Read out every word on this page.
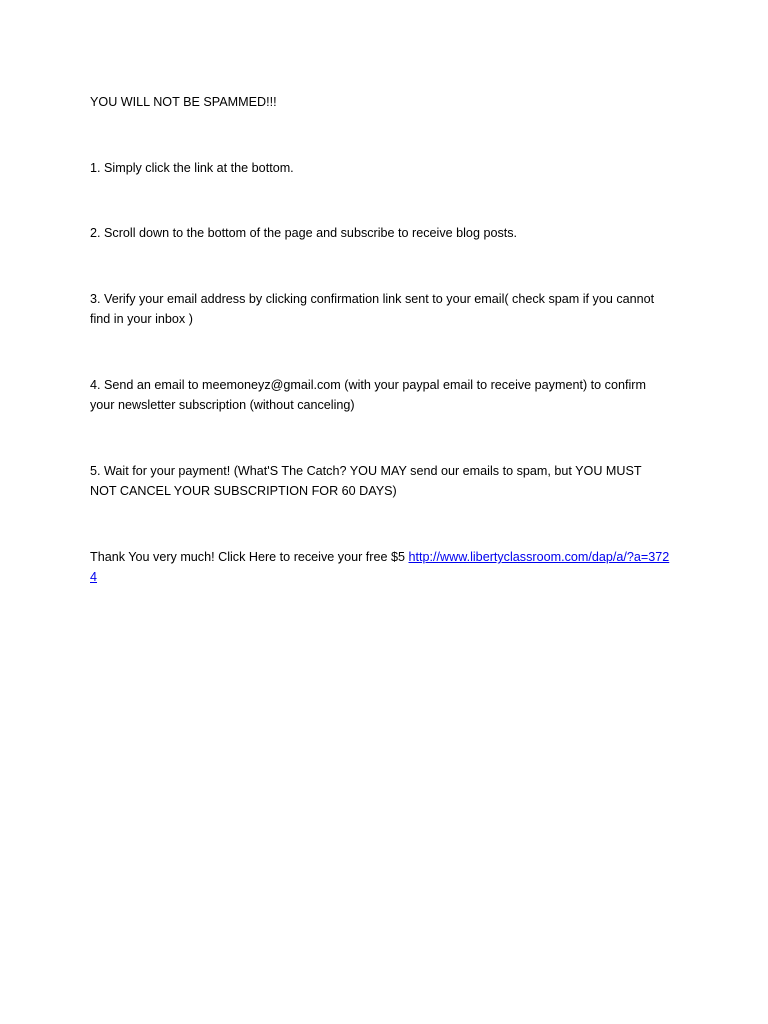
YOU WILL NOT BE SPAMMED!!!

1. Simply click the link at the bottom.

2. Scroll down to the bottom of the page and subscribe to receive blog posts.

3. Verify your email address by clicking confirmation link sent to your email( check spam if you cannot find in your inbox )

4. Send an email to meemoneyz@gmail.com (with your paypal email to receive payment) to confirm your newsletter subscription (without canceling)

5. Wait for your payment! (What'S The Catch? YOU MAY send our emails to spam, but YOU MUST NOT CANCEL YOUR SUBSCRIPTION FOR 60 DAYS)

Thank You very much! Click Here to receive your free $5 http://www.libertyclassroom.com/dap/a/?a=3724
